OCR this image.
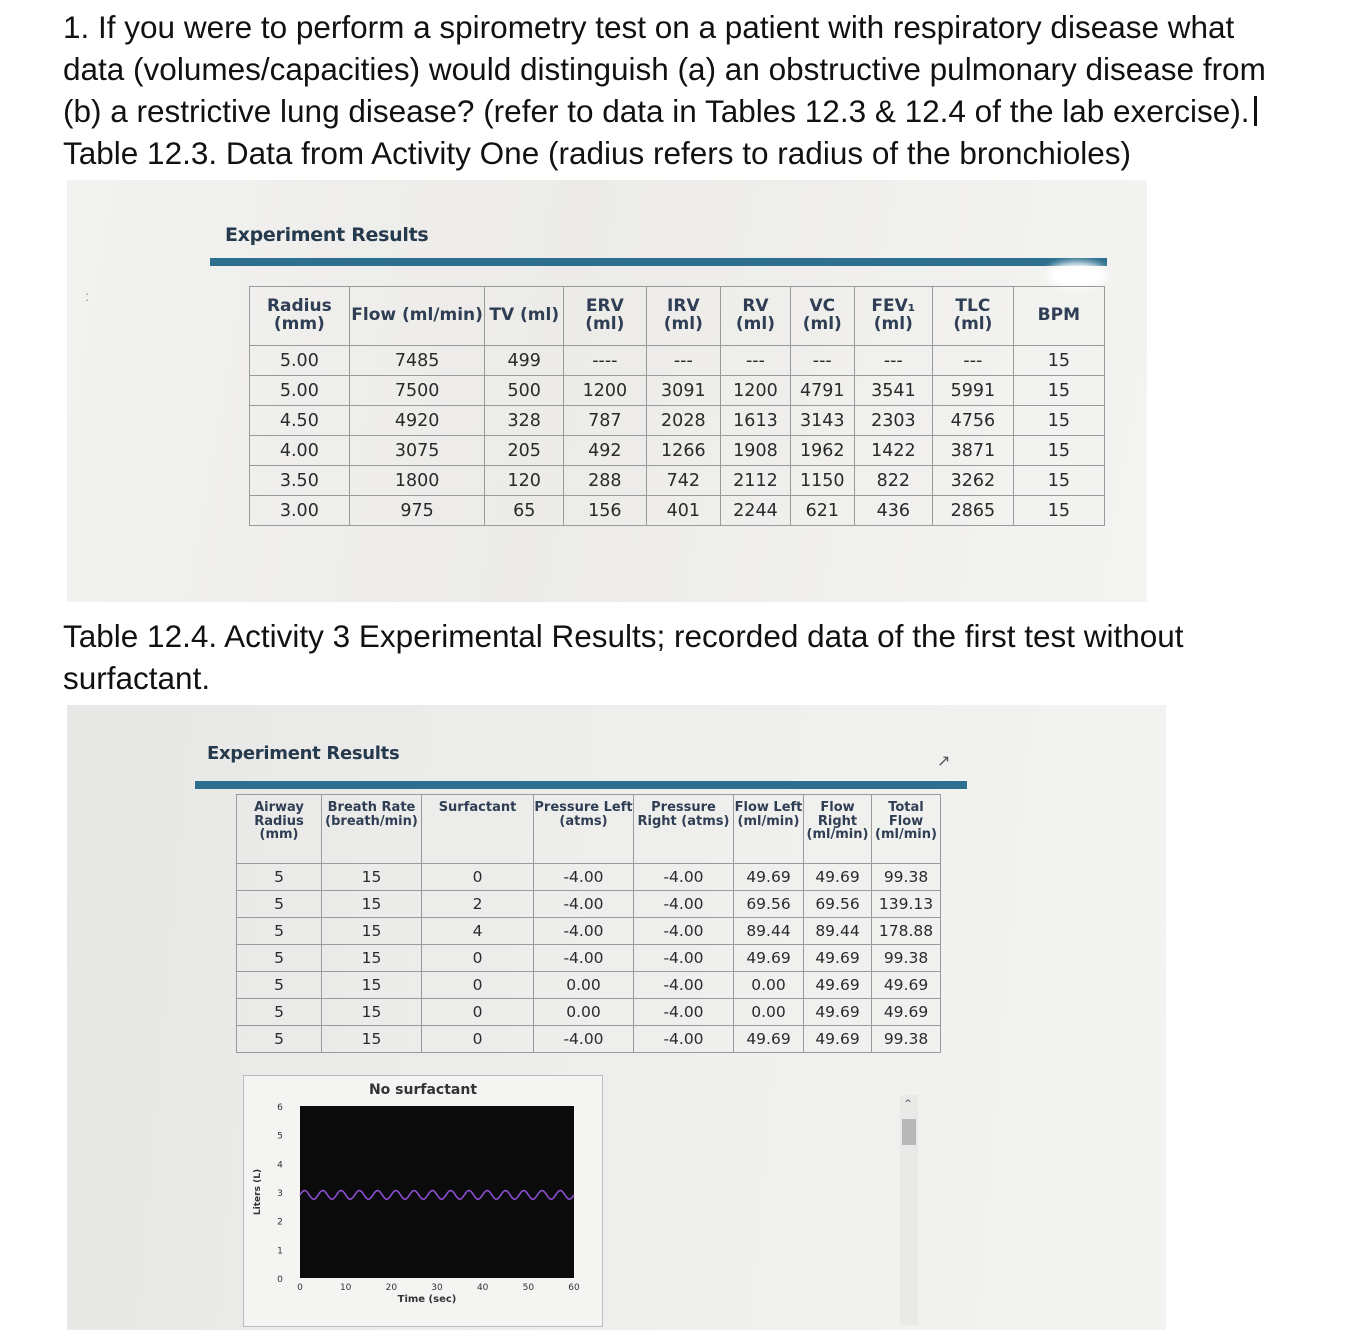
1. If you were to perform a spirometry test on a patient with respiratory disease what data (volumes/capacities) would distinguish (a) an obstructive pulmonary disease from (b) a restrictive lung disease? (refer to data in Tables 12.3 & 12.4 of the lab exercise).
Table 12.3. Data from Activity One (radius refers to radius of the bronchioles)
:
Experiment Results
Radius (mm)	Flow (ml/min)	TV (ml)	ERV (ml)	IRV (ml)	RV (ml)	VC (ml)	FEV₁ (ml)	TLC (ml)	BPM
5.00	7485	499	----	---	---	---	---	---	15
5.00	7500	500	1200	3091	1200	4791	3541	5991	15
4.50	4920	328	787	2028	1613	3143	2303	4756	15
4.00	3075	205	492	1266	1908	1962	1422	3871	15
3.50	1800	120	288	742	2112	1150	822	3262	15
3.00	975	65	156	401	2244	621	436	2865	15
Table 12.4. Activity 3 Experimental Results; recorded data of the first test without surfactant.
Experiment Results	↗
Airway Radius (mm)	Breath Rate (breath/min)	Surfactant	Pressure Left (atms)	Pressure Right (atms)	Flow Left (ml/min)	Flow Right (ml/min)	Total Flow (ml/min)
5	15	0	-4.00	-4.00	49.69	49.69	99.38
5	15	2	-4.00	-4.00	69.56	69.56	139.13
5	15	4	-4.00	-4.00	89.44	89.44	178.88
5	15	0	-4.00	-4.00	49.69	49.69	99.38
5	15	0	0.00	-4.00	0.00	49.69	49.69
5	15	0	0.00	-4.00	0.00	49.69	49.69
5	15	0	-4.00	-4.00	49.69	49.69	99.38
No surfactant
0
1
2
3
4
5
6
0	10	20	30	40	50	60
Time (sec)
Liters (L)
⌃
